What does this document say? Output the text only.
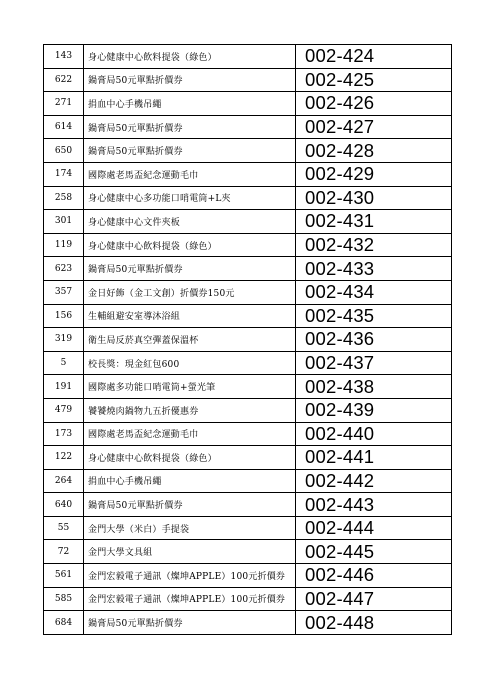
143	身心健康中心飲料提袋（綠色）	002-424
622	鍋膏局50元單點折價券	002-425
271	捐血中心手機吊繩	002-426
614	鍋膏局50元單點折價券	002-427
650	鍋膏局50元單點折價券	002-428
174	國際處老馬盃紀念運動毛巾	002-429
258	身心健康中心多功能口哨電筒+L夾	002-430
301	身心健康中心文件夾板	002-431
119	身心健康中心飲料提袋（綠色）	002-432
623	鍋膏局50元單點折價券	002-433
357	金日好飾（金工文創）折價券150元	002-434
156	生輔組避安室導沐浴組	002-435
319	衛生局反菸真空彈蓋保溫杯	002-436
5	校長獎：現金紅包600	002-437
191	國際處多功能口哨電筒+螢光筆	002-438
479	饕饕燒肉鍋物九五折優惠券	002-439
173	國際處老馬盃紀念運動毛巾	002-440
122	身心健康中心飲料提袋（綠色）	002-441
264	捐血中心手機吊繩	002-442
640	鍋膏局50元單點折價券	002-443
55	金門大學（米白）手提袋	002-444
72	金門大學文具組	002-445
561	金門宏毅電子通訊（燦坤APPLE）100元折價券	002-446
585	金門宏毅電子通訊（燦坤APPLE）100元折價券	002-447
684	鍋膏局50元單點折價券	002-448
